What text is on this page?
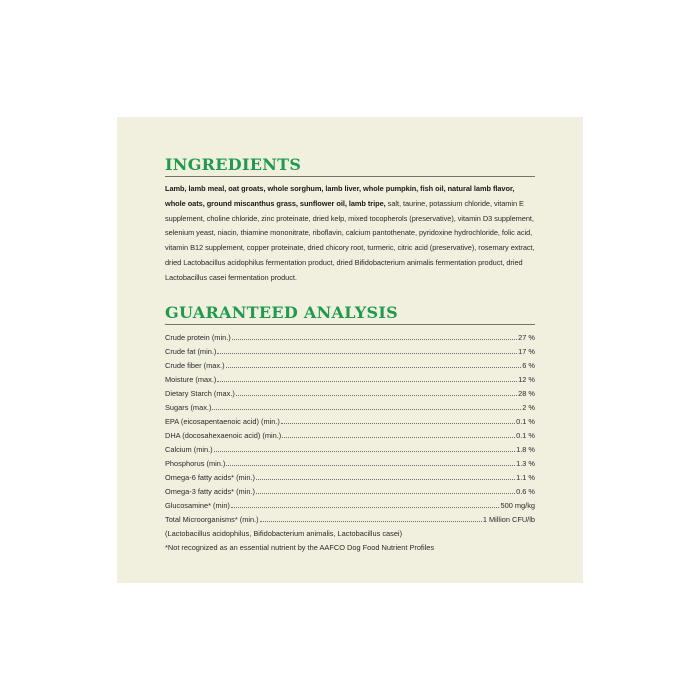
INGREDIENTS

Lamb, lamb meal, oat groats, whole sorghum, lamb liver, whole pumpkin, fish oil, natural lamb flavor, whole oats, ground miscanthus grass, sunflower oil, lamb tripe, salt, taurine, potassium chloride, vitamin E supplement, choline chloride, zinc proteinate, dried kelp, mixed tocopherols (preservative), vitamin D3 supplement, selenium yeast, niacin, thiamine mononitrate, riboflavin, calcium pantothenate, pyridoxine hydrochloride, folic acid, vitamin B12 supplement, copper proteinate, dried chicory root, turmeric, citric acid (preservative), rosemary extract, dried Lactobacillus acidophilus fermentation product, dried Bifidobacterium animalis fermentation product, dried Lactobacillus casei fermentation product.

GUARANTEED ANALYSIS
Crude protein (min.)	27 %
Crude fat (min.)	17 %
Crude fiber (max.)	6 %
Moisture (max.)	12 %
Dietary Starch (max.)	28 %
Sugars (max.)	2 %
EPA (eicosapentaenoic acid) (min.)	0.1 %
DHA (docosahexaenoic acid) (min.)	0.1 %
Calcium (min.)	1.8 %
Phosphorus (min.)	1.3 %
Omega-6 fatty acids* (min.)	1.1 %
Omega-3 fatty acids* (min.)	0.6 %
Glucosamine* (min)	500 mg/kg
Total Microorganisms* (min.)	1 Million CFU/lb
(Lactobacillus acidophilus, Bifidobacterium animalis, Lactobacillus casei)
*Not recognized as an essential nutrient by the AAFCO Dog Food Nutrient Profiles
